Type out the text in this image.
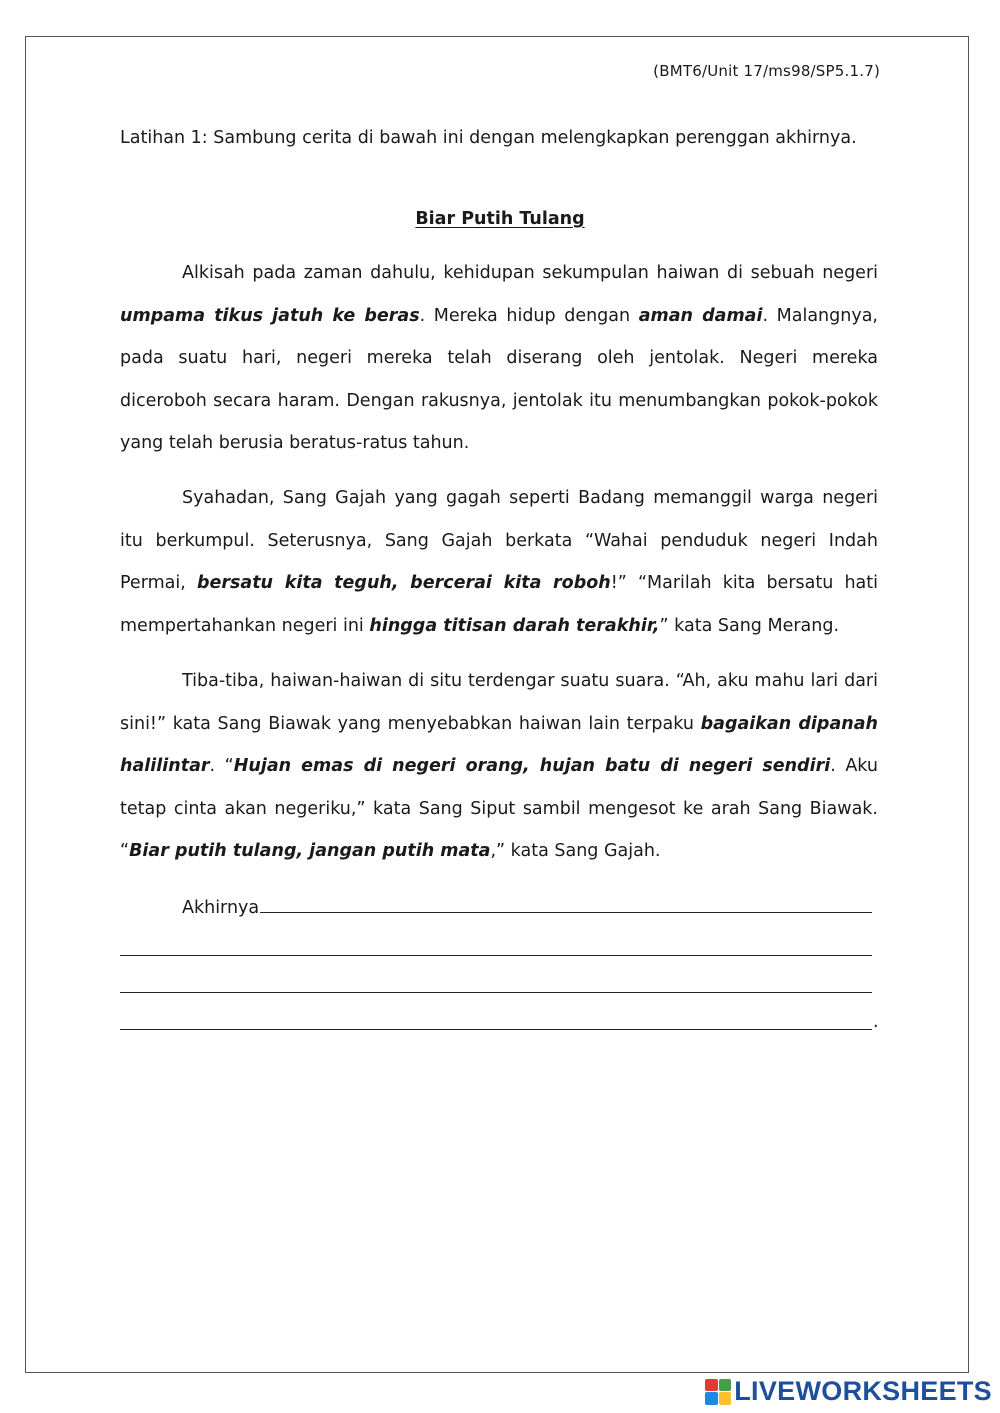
(BMT6/Unit 17/ms98/SP5.1.7)
Latihan 1: Sambung cerita di bawah ini dengan melengkapkan perenggan akhirnya.
Biar Putih Tulang

Alkisah pada zaman dahulu, kehidupan sekumpulan haiwan di sebuah negeri umpama tikus jatuh ke beras. Mereka hidup dengan aman damai. Malangnya, pada suatu hari, negeri mereka telah diserang oleh jentolak. Negeri mereka diceroboh secara haram. Dengan rakusnya, jentolak itu menumbangkan pokok-pokok yang telah berusia beratus-ratus tahun.

Syahadan, Sang Gajah yang gagah seperti Badang memanggil warga negeri itu berkumpul. Seterusnya, Sang Gajah berkata “Wahai penduduk negeri Indah Permai, bersatu kita teguh, bercerai kita roboh!” “Marilah kita bersatu hati mempertahankan negeri ini hingga titisan darah terakhir,” kata Sang Merang.

Tiba-tiba, haiwan-haiwan di situ terdengar suatu suara. “Ah, aku mahu lari dari sini!” kata Sang Biawak yang menyebabkan haiwan lain terpaku bagaikan dipanah halilintar. “Hujan emas di negeri orang, hujan batu di negeri sendiri. Aku tetap cinta akan negeriku,” kata Sang Siput sambil mengesot ke arah Sang Biawak. “Biar putih tulang, jangan putih mata,” kata Sang Gajah.

Akhirnya
.
LIVEWORKSHEETS
